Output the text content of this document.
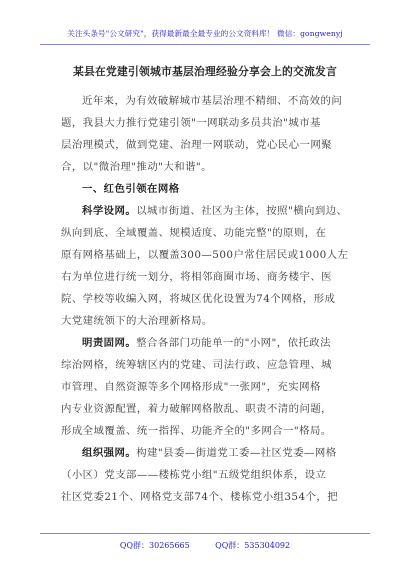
关注头条号"公文研究"，获得最新最全最专业的公文资料库！ 微信：gongwenyj
某县在党建引领城市基层治理经验分享会上的交流发言
近年来，为有效破解城市基层治理不精细、不高效的问
题，我县大力推行党建引领"一网联动多员共治"城市基
层治理模式，做到党建、治理一网联动，党心民心一网聚
合，以"微治理"推动"大和谐"。
一、红色引领在网格
科学设网。以城市街道、社区为主体，按照"横向到边、
纵向到底、全域覆盖、规模适度、功能完整"的原则，在
原有网格基础上，以覆盖300—500户常住居民或1000人左
右为单位进行统一划分，将相邻商圈市场、商务楼宇、医
院、学校等收编入网，将城区优化设置为74个网格，形成
大党建统领下的大治理新格局。
明责固网。整合各部门功能单一的"小网"，依托政法
综治网格，统筹辖区内的党建、司法行政、应急管理、城
市管理、自然资源等多个网格形成"一张网"，充实网格
内专业资源配置，着力破解网格散乱、职责不清的问题，
形成全域覆盖、统一指挥、功能齐全的"多网合一"格局。
组织强网。构建"县委—街道党工委—社区党委—网格
（小区）党支部——楼栋党小组"五级党组织体系，设立
社区党委21个、网格党支部74个、楼栋党小组354个，把
QQ群：30265665	QQ群：535304092
